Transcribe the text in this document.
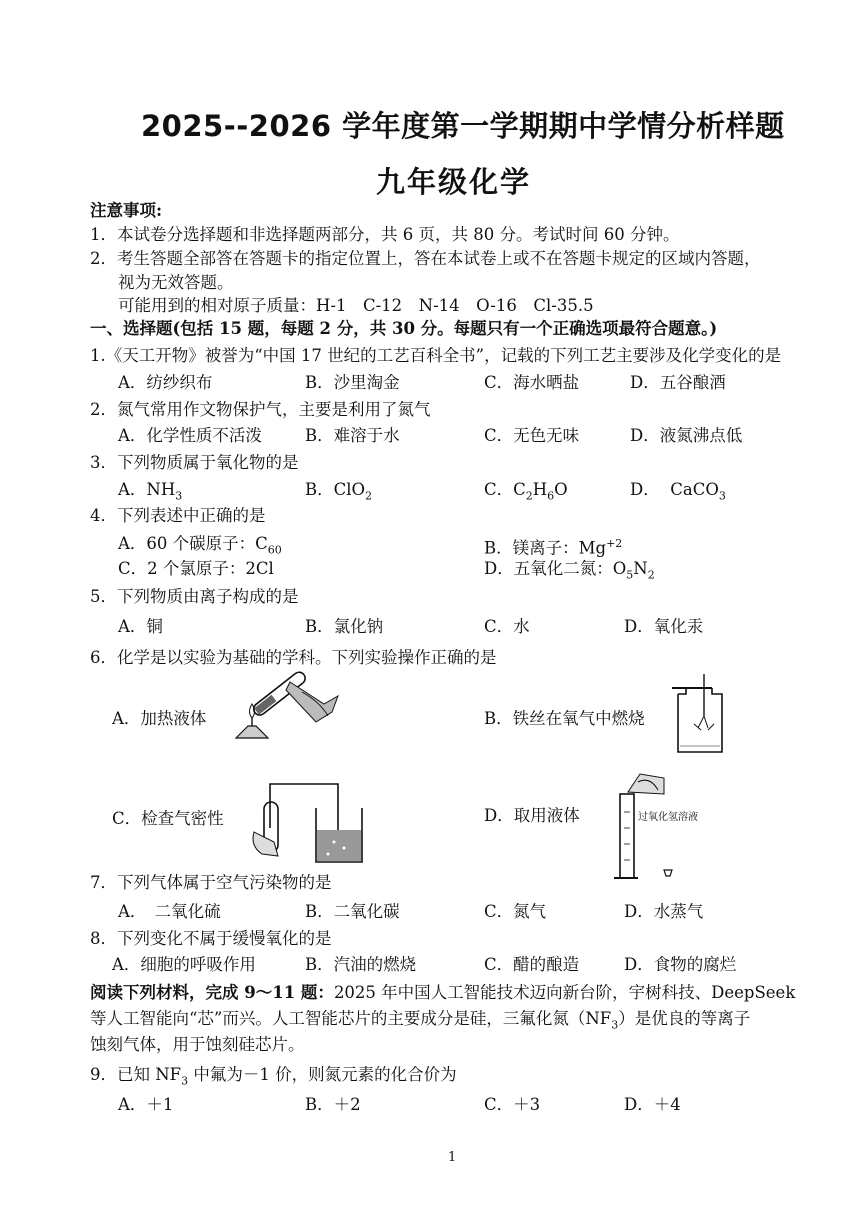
2025--2026 学年度第一学期期中学情分析样题
九年级化学
注意事项:
1．本试卷分选择题和非选择题两部分，共 6 页，共 80 分。考试时间 60 分钟。
2．考生答题全部答在答题卡的指定位置上，答在本试卷上或不在答题卡规定的区域内答题，
视为无效答题。
可能用到的相对原子质量：H-1　C-12　N-14　O-16　Cl-35.5
一、选择题(包括 15 题，每题 2 分，共 30 分。每题只有一个正确选项最符合题意。)
1.《天工开物》被誉为“中国 17 世纪的工艺百科全书”，记载的下列工艺主要涉及化学变化的是
A．纺纱织布	B．沙里淘金	C．海水晒盐	D．五谷酿酒
2．氮气常用作文物保护气，主要是利用了氮气
A．化学性质不活泼	B．难溶于水	C．无色无味	D．液氮沸点低
3．下列物质属于氧化物的是
A．$NH_3$	B．ClO$_2$	C．$C_2H_6O$	D． CaCO$_3$
4．下列表述中正确的是
A．60 个碳原子：$C_{60}$	B．镁离子：$Mg^{+2}$
C．2 个氯原子：2Cl	D．五氧化二氮：$O_5N_2$
5．下列物质由离子构成的是
A．铜	B．氯化钠	C．水	D．氧化汞
6．化学是以实验为基础的学科。下列实验操作正确的是
A．加热液体	B．铁丝在氧气中燃烧
C．检查气密性	D．取用液体	过氧化氢溶液
7．下列气体属于空气污染物的是
A．　二氧化硫	B．二氧化碳	C．氮气	D．水蒸气
8．下列变化不属于缓慢氧化的是
A．细胞的呼吸作用	B．汽油的燃烧	C．醋的酿造	D．食物的腐烂
阅读下列材料，完成 9～11 题：2025 年中国人工智能技术迈向新台阶，宇树科技、DeepSeek
等人工智能向“芯”而兴。人工智能芯片的主要成分是硅，三氟化氮$(NF_3)$是优良的等离子
蚀刻气体，用于蚀刻硅芯片。
9．已知 $NF_3$ 中氟为－1 价，则氮元素的化合价为
A．＋1	B．＋2	C．＋3	D．＋4
1
